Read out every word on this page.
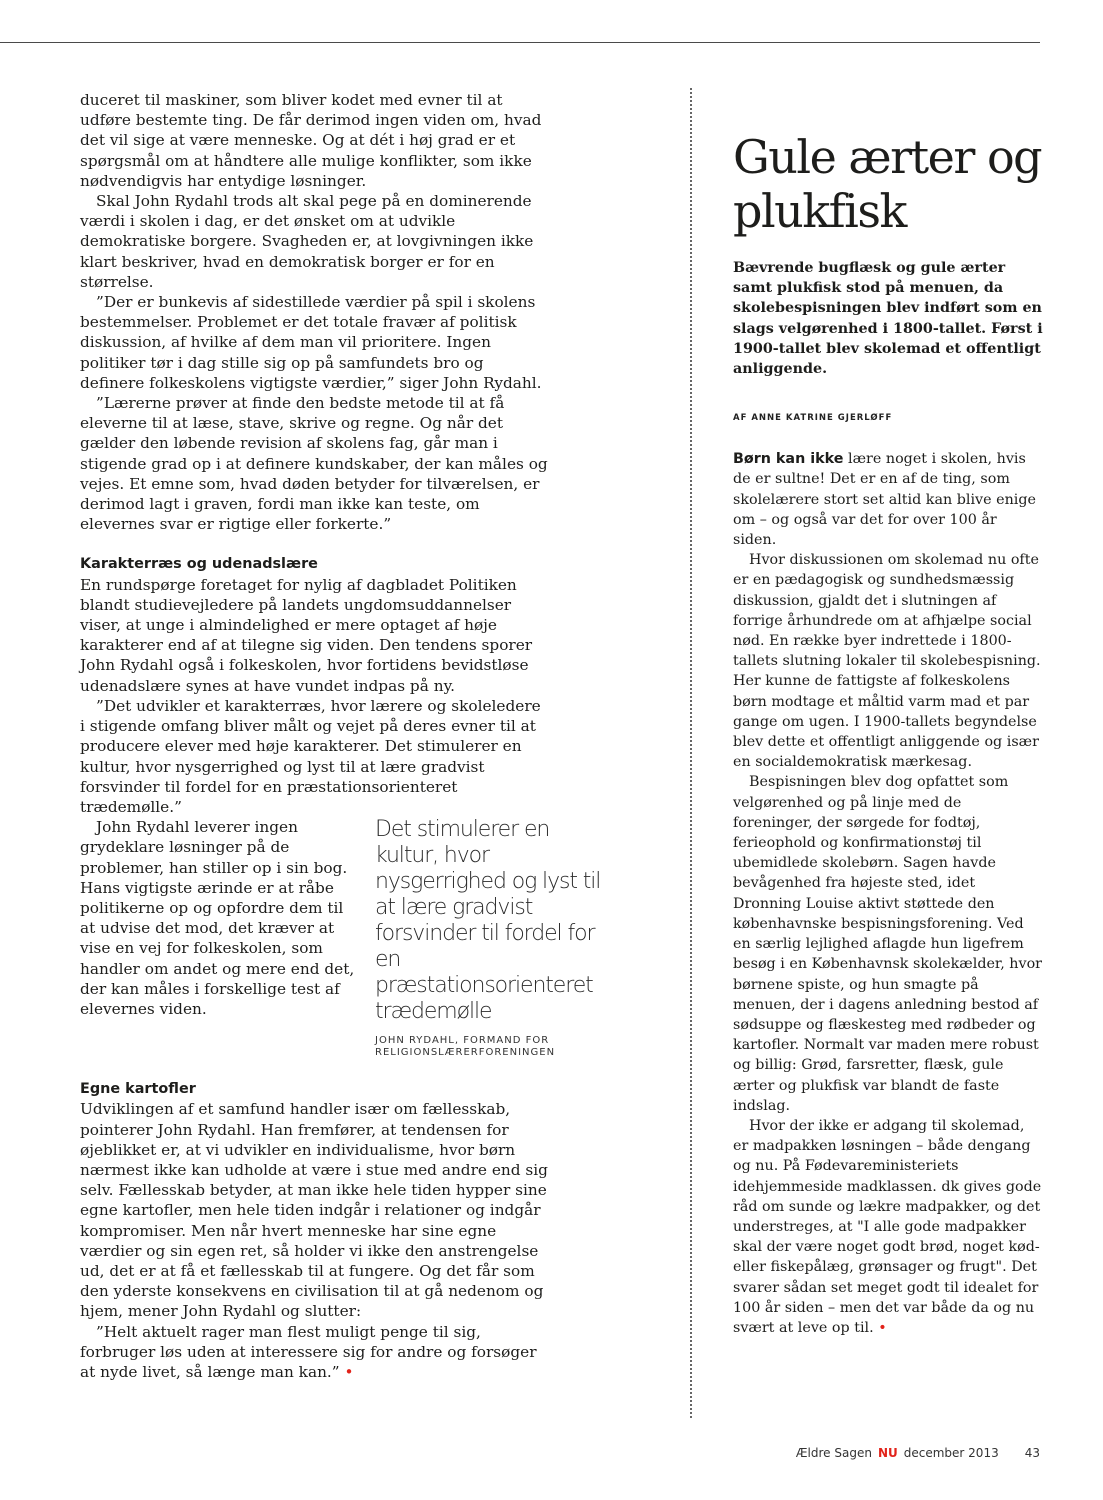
duceret til maskiner, som bliver kodet med evner til at udføre bestemte ting. De får derimod ingen viden om, hvad det vil sige at være menneske. Og at dét i høj grad er et spørgsmål om at håndtere alle mulige konflikter, som ikke nødvendigvis har entydige løsninger.

Skal John Rydahl trods alt skal pege på en dominerende værdi i skolen i dag, er det ønsket om at udvikle demokratiske borgere. Svagheden er, at lovgivningen ikke klart beskriver, hvad en demokratisk borger er for en størrelse.

”Der er bunkevis af sidestillede værdier på spil i skolens bestemmelser. Problemet er det totale fravær af politisk diskussion, af hvilke af dem man vil prioritere. Ingen politiker tør i dag stille sig op på samfundets bro og definere folkeskolens vigtigste værdier,” siger John Rydahl.

”Lærerne prøver at finde den bedste metode til at få eleverne til at læse, stave, skrive og regne. Og når det gælder den løbende revision af skolens fag, går man i stigende grad op i at definere kundskaber, der kan måles og vejes. Et emne som, hvad døden betyder for tilværelsen, er derimod lagt i graven, fordi man ikke kan teste, om elevernes svar er rigtige eller forkerte.”

Karakterræs og udenadslære

En rundspørge foretaget for nylig af dagbladet Politiken blandt studievejledere på landets ungdomsuddannelser viser, at unge i almindelighed er mere optaget af høje karakterer end af at tilegne sig viden. Den tendens sporer John Rydahl også i folkeskolen, hvor fortidens bevidstløse udenadslære synes at have vundet indpas på ny.

”Det udvikler et karakterræs, hvor lærere og skoleledere i stigende omfang bliver målt og vejet på deres evner til at producere elever med høje karakterer. Det stimulerer en kultur, hvor nysgerrighed og lyst til at lære gradvist forsvinder til fordel for en præstationsorienteret trædemølle.”

John Rydahl leverer ingen grydeklare løsninger på de problemer, han stiller op i sin bog. Hans vigtigste ærinde er at råbe politikerne op og opfordre dem til at udvise det mod, det kræver at vise en vej for folkeskolen, som handler om andet og mere end det, der kan måles i forskellige test af elevernes viden.

Det stimulerer en kultur, hvor nysgerrighed og lyst til at lære gradvist forsvinder til fordel for en præstationsorienteret trædemølle
JOHN RYDAHL, FORMAND FOR RELIGIONSLÆRERFORENINGEN
Egne kartofler

Udviklingen af et samfund handler især om fællesskab, pointerer John Rydahl. Han fremfører, at tendensen for øjeblikket er, at vi udvikler en individualisme, hvor børn nærmest ikke kan udholde at være i stue med andre end sig selv. Fællesskab betyder, at man ikke hele tiden hypper sine egne kartofler, men hele tiden indgår i relationer og indgår kompromiser. Men når hvert menneske har sine egne værdier og sin egen ret, så holder vi ikke den anstrengelse ud, det er at få et fællesskab til at fungere. Og det får som den yderste konsekvens en civilisation til at gå nedenom og hjem, mener John Rydahl og slutter:

”Helt aktuelt rager man flest muligt penge til sig, forbruger løs uden at interessere sig for andre og forsøger at nyde livet, så længe man kan.” •

Gule ærter og plukfisk
Bævrende bugflæsk og gule ærter samt plukfisk stod på menuen, da skolebespisningen blev indført som en slags velgørenhed i 1800-tallet. Først i 1900-tallet blev skolemad et offentligt anliggende.
AF ANNE KATRINE GJERLØFF

Børn kan ikke lære noget i skolen, hvis de er sultne! Det er en af de ting, som skolelærere stort set altid kan blive enige om – og også var det for over 100 år siden.

Hvor diskussionen om skolemad nu ofte er en pædagogisk og sundhedsmæssig diskussion, gjaldt det i slutningen af forrige århundrede om at afhjælpe social nød. En række byer indrettede i 1800-tallets slutning lokaler til skolebespisning. Her kunne de fattigste af folkeskolens børn modtage et måltid varm mad et par gange om ugen. I 1900-tallets begyndelse blev dette et offentligt anliggende og især en socialdemokratisk mærkesag.

Bespisningen blev dog opfattet som velgørenhed og på linje med de foreninger, der sørgede for fodtøj, ferieophold og konfirmationstøj til ubemidlede skolebørn. Sagen havde bevågenhed fra højeste sted, idet Dronning Louise aktivt støttede den københavnske bespisningsforening. Ved en særlig lejlighed aflagde hun ligefrem besøg i en Københavnsk skolekælder, hvor børnene spiste, og hun smagte på menuen, der i dagens anledning bestod af sødsuppe og flæskesteg med rødbeder og kartofler. Normalt var maden mere robust og billig: Grød, farsretter, flæsk, gule ærter og plukfisk var blandt de faste indslag.

Hvor der ikke er adgang til skolemad, er madpakken løsningen – både dengang og nu. På Fødevareministeriets idehjemmeside madklassen. dk gives gode råd om sunde og lækre madpakker, og det understreges, at "I alle gode madpakker skal der være noget godt brød, noget kød- eller fiskepålæg, grønsager og frugt". Det svarer sådan set meget godt til idealet for 100 år siden – men det var både da og nu svært at leve op til. •

Ældre Sagen NU december 2013 43
